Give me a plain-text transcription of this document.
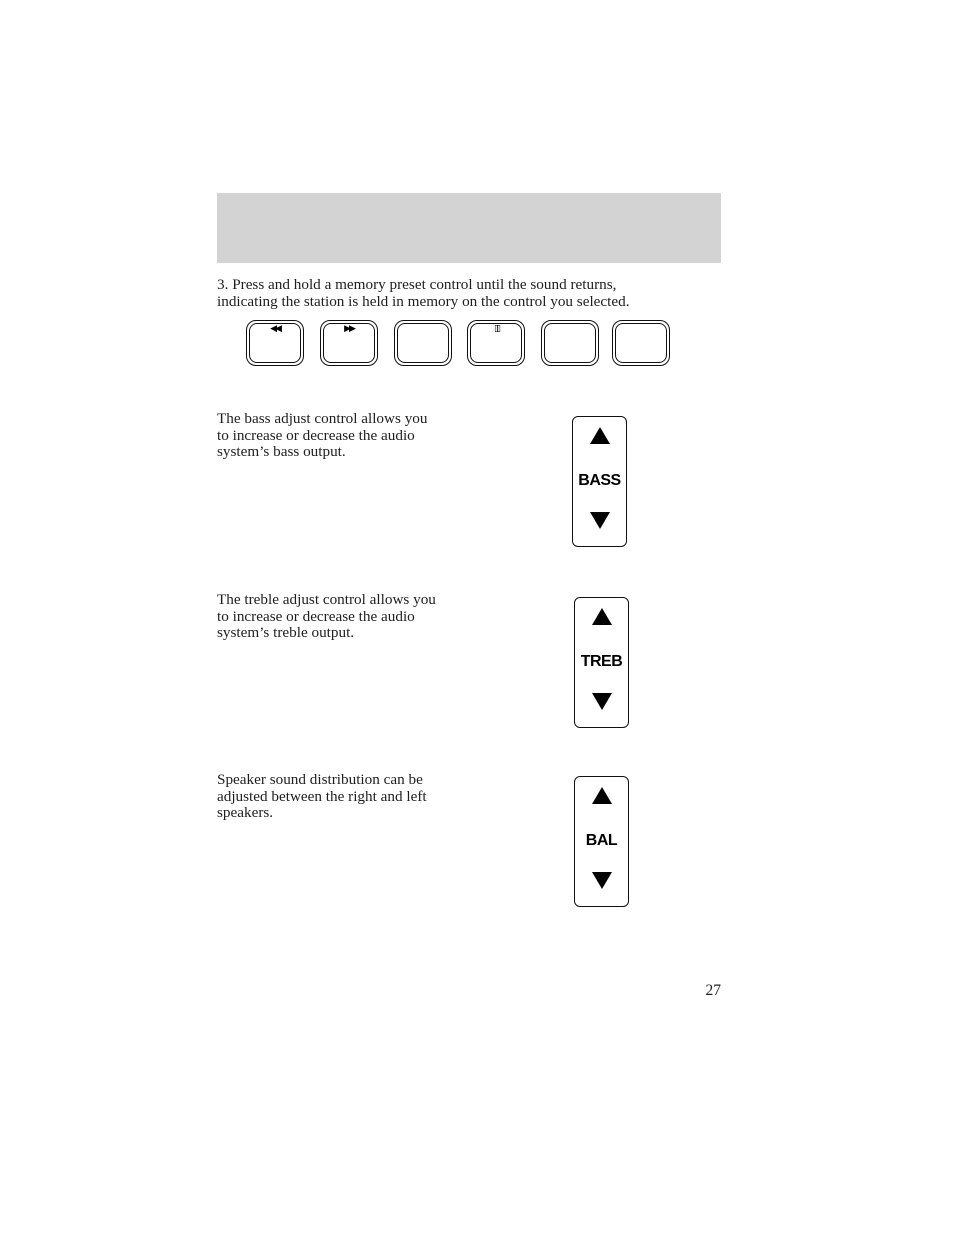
3. Press and hold a memory preset control until the sound returns,
indicating the station is held in memory on the control you selected.
◀◀	▶▶	▯▯
The bass adjust control allows you
to increase or decrease the audio
system’s bass output.
BASS
The treble adjust control allows you
to increase or decrease the audio
system’s treble output.
TREB
Speaker sound distribution can be
adjusted between the right and left
speakers.
BAL
27
